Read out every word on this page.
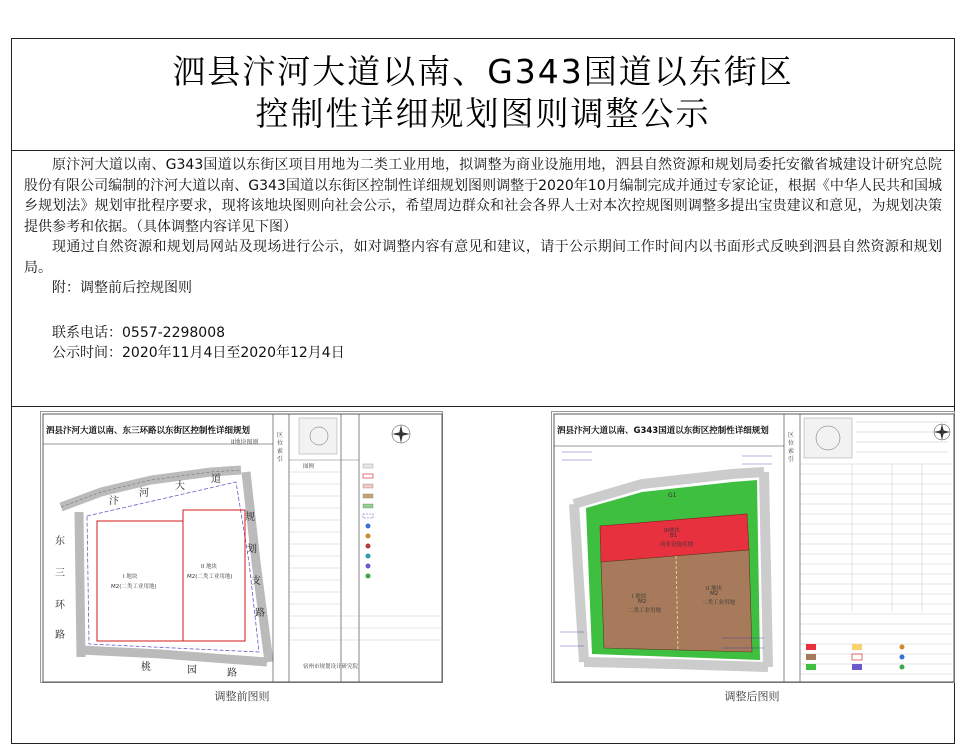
泗县汴河大道以南、G343国道以东街区
控制性详细规划图则调整公示
原汴河大道以南、G343国道以东街区项目用地为二类工业用地，拟调整为商业设施用地，泗县自然资源和规划局委托安徽省城建设计研究总院股份有限公司编制的汴河大道以南、G343国道以东街区控制性详细规划图则调整于2020年10月编制完成并通过专家论证，根据《中华人民共和国城乡规划法》规划审批程序要求，现将该地块图则向社会公示，希望周边群众和社会各界人士对本次控规图则调整多提出宝贵建议和意见，为规划决策提供参考和依据。（具体调整内容详见下图）
现通过自然资源和规划局网站及现场进行公示，如对调整内容有意见和建议，请于公示期间工作时间内以书面形式反映到泗县自然资源和规划局。
附：调整前后控规图则
联系电话：0557-2298008
公示时间：2020年11月4日至2020年12月4日
泗县汴河大道以南、东三环路以东街区控制性详细规划
II地块图则
汴
河
大
道
东
三
环
路
规
划
支
路
桃	园	路
I 地块
M2(二类工业用地)
II 地块
M2(二类工业用地)
区位索引
图例
宿州市规划设计研究院
调整前图则
泗县汴河大道以南、G343国道以东街区控制性详细规划
G1
III地块
B1
商业设施用地
I 地块
M2
二类工业用地
II 地块
M2
二类工业用地
区位索引
调整后图则
